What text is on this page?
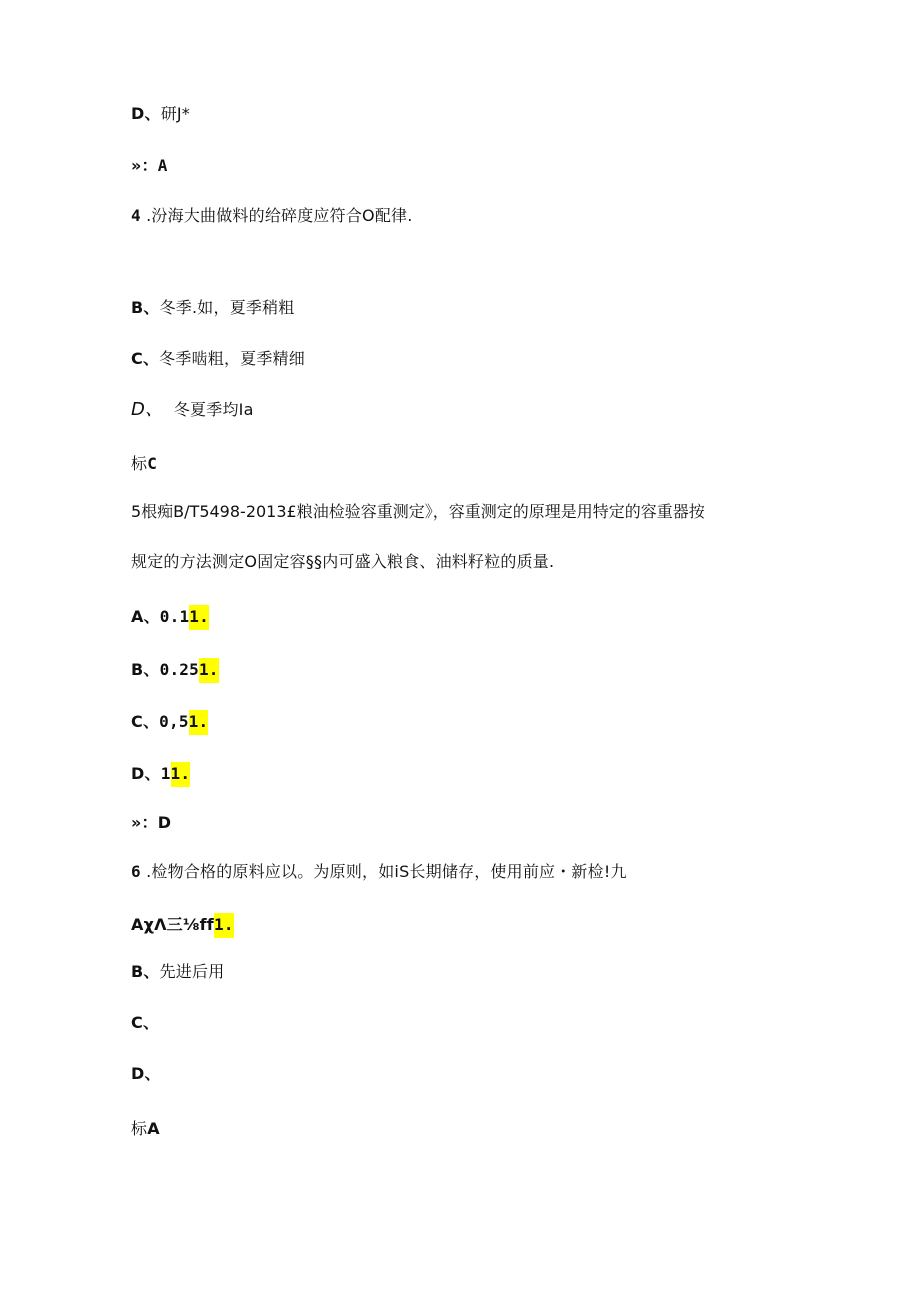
D、研J*
»：A
4 .汾海大曲做料的给碎度应符合O配律.
B、冬季.如，夏季稍粗
C、冬季啮粗，夏季精细
D、 冬夏季均Ia
标C
5根痴B/T5498-2013£粮油检验容重测定》，容重测定的原理是用特定的容重器按
规定的方法测定O固定容§§内可盛入粮食、油料籽粒的质量.
A、0.11.
B、0.251.
C、0,51.
D、11.
»：D
6 .检物合格的原料应以。为原则，如iS长期储存，使用前应・新检!九
AχΛ三⅛ff1.
B、先进后用
C、
D、
标A
